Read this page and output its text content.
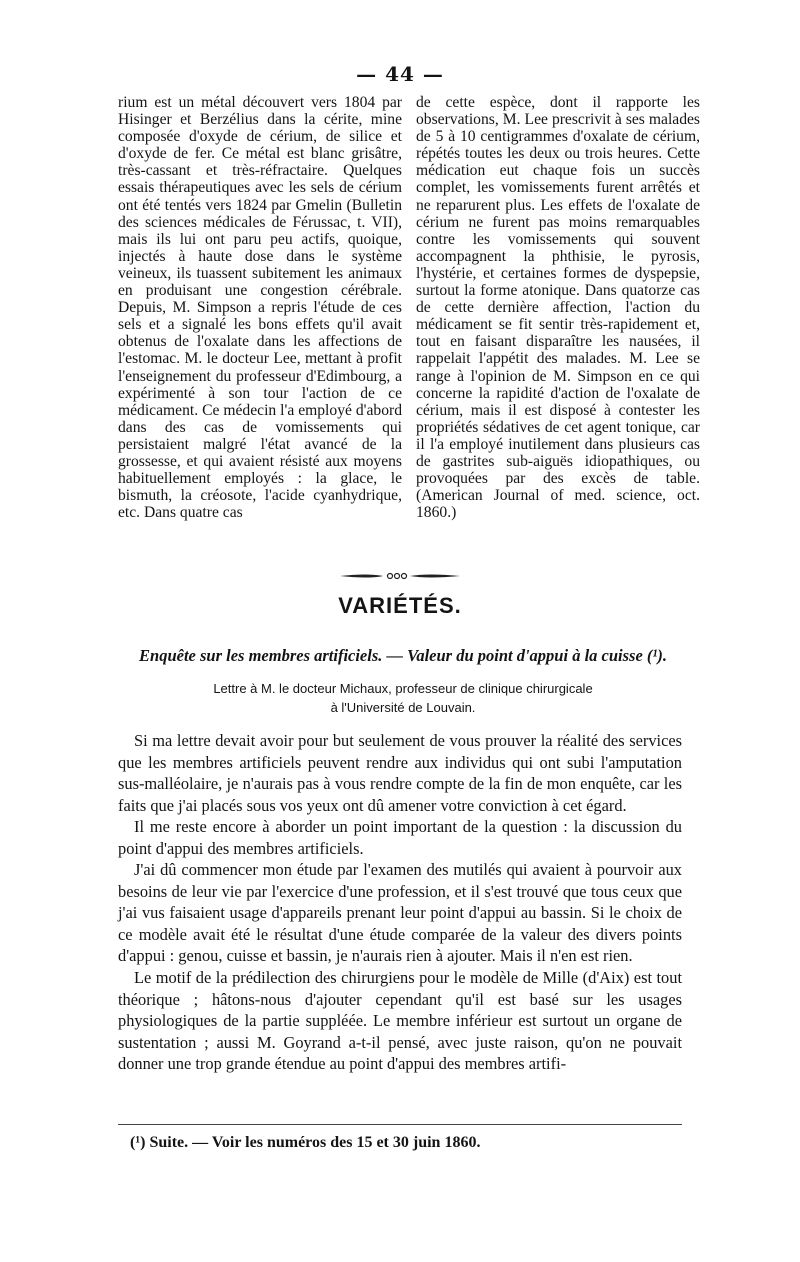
— 44 —

rium est un métal découvert vers 1804 par Hisinger et Berzélius dans la cérite, mine composée d'oxyde de cérium, de silice et d'oxyde de fer. Ce métal est blanc grisâtre, très-cassant et très-réfractaire. Quelques essais thérapeutiques avec les sels de cérium ont été tentés vers 1824 par Gmelin (Bulletin des sciences médicales de Férussac, t. VII), mais ils lui ont paru peu actifs, quoique, injectés à haute dose dans le système veineux, ils tuassent subitement les animaux en produisant une congestion cérébrale. Depuis, M. Simpson a repris l'étude de ces sels et a signalé les bons effets qu'il avait obtenus de l'oxalate dans les affections de l'estomac. M. le docteur Lee, mettant à profit l'enseignement du professeur d'Edimbourg, a expérimenté à son tour l'action de ce médicament. Ce médecin l'a employé d'abord dans des cas de vomissements qui persistaient malgré l'état avancé de la grossesse, et qui avaient résisté aux moyens habituellement employés : la glace, le bismuth, la créosote, l'acide cyanhydrique, etc. Dans quatre cas

de cette espèce, dont il rapporte les observations, M. Lee prescrivit à ses malades de 5 à 10 centigrammes d'oxalate de cérium, répétés toutes les deux ou trois heures. Cette médication eut chaque fois un succès complet, les vomissements furent arrêtés et ne reparurent plus. Les effets de l'oxalate de cérium ne furent pas moins remarquables contre les vomissements qui souvent accompagnent la phthisie, le pyrosis, l'hystérie, et certaines formes de dyspepsie, surtout la forme atonique. Dans quatorze cas de cette dernière affection, l'action du médicament se fit sentir très-rapidement et, tout en faisant disparaître les nausées, il rappelait l'appétit des malades. M. Lee se range à l'opinion de M. Simpson en ce qui concerne la rapidité d'action de l'oxalate de cérium, mais il est disposé à contester les propriétés sédatives de cet agent tonique, car il l'a employé inutilement dans plusieurs cas de gastrites sub-aiguës idiopathiques, ou provoquées par des excès de table. (American Journal of med. science, oct. 1860.)

VARIÉTÉS.
Enquête sur les membres artificiels. — Valeur du point d'appui à la cuisse (¹).
Lettre à M. le docteur Michaux, professeur de clinique chirurgicale
à l'Université de Louvain.

Si ma lettre devait avoir pour but seulement de vous prouver la réalité des services que les membres artificiels peuvent rendre aux individus qui ont subi l'amputation sus-malléolaire, je n'aurais pas à vous rendre compte de la fin de mon enquête, car les faits que j'ai placés sous vos yeux ont dû amener votre conviction à cet égard.

Il me reste encore à aborder un point important de la question : la discussion du point d'appui des membres artificiels.

J'ai dû commencer mon étude par l'examen des mutilés qui avaient à pourvoir aux besoins de leur vie par l'exercice d'une profession, et il s'est trouvé que tous ceux que j'ai vus faisaient usage d'appareils prenant leur point d'appui au bassin. Si le choix de ce modèle avait été le résultat d'une étude comparée de la valeur des divers points d'appui : genou, cuisse et bassin, je n'aurais rien à ajouter. Mais il n'en est rien.

Le motif de la prédilection des chirurgiens pour le modèle de Mille (d'Aix) est tout théorique ; hâtons-nous d'ajouter cependant qu'il est basé sur les usages physiologiques de la partie suppléée. Le membre inférieur est surtout un organe de sustentation ; aussi M. Goyrand a-t-il pensé, avec juste raison, qu'on ne pouvait donner une trop grande étendue au point d'appui des membres artifi-

(¹) Suite. — Voir les numéros des 15 et 30 juin 1860.
